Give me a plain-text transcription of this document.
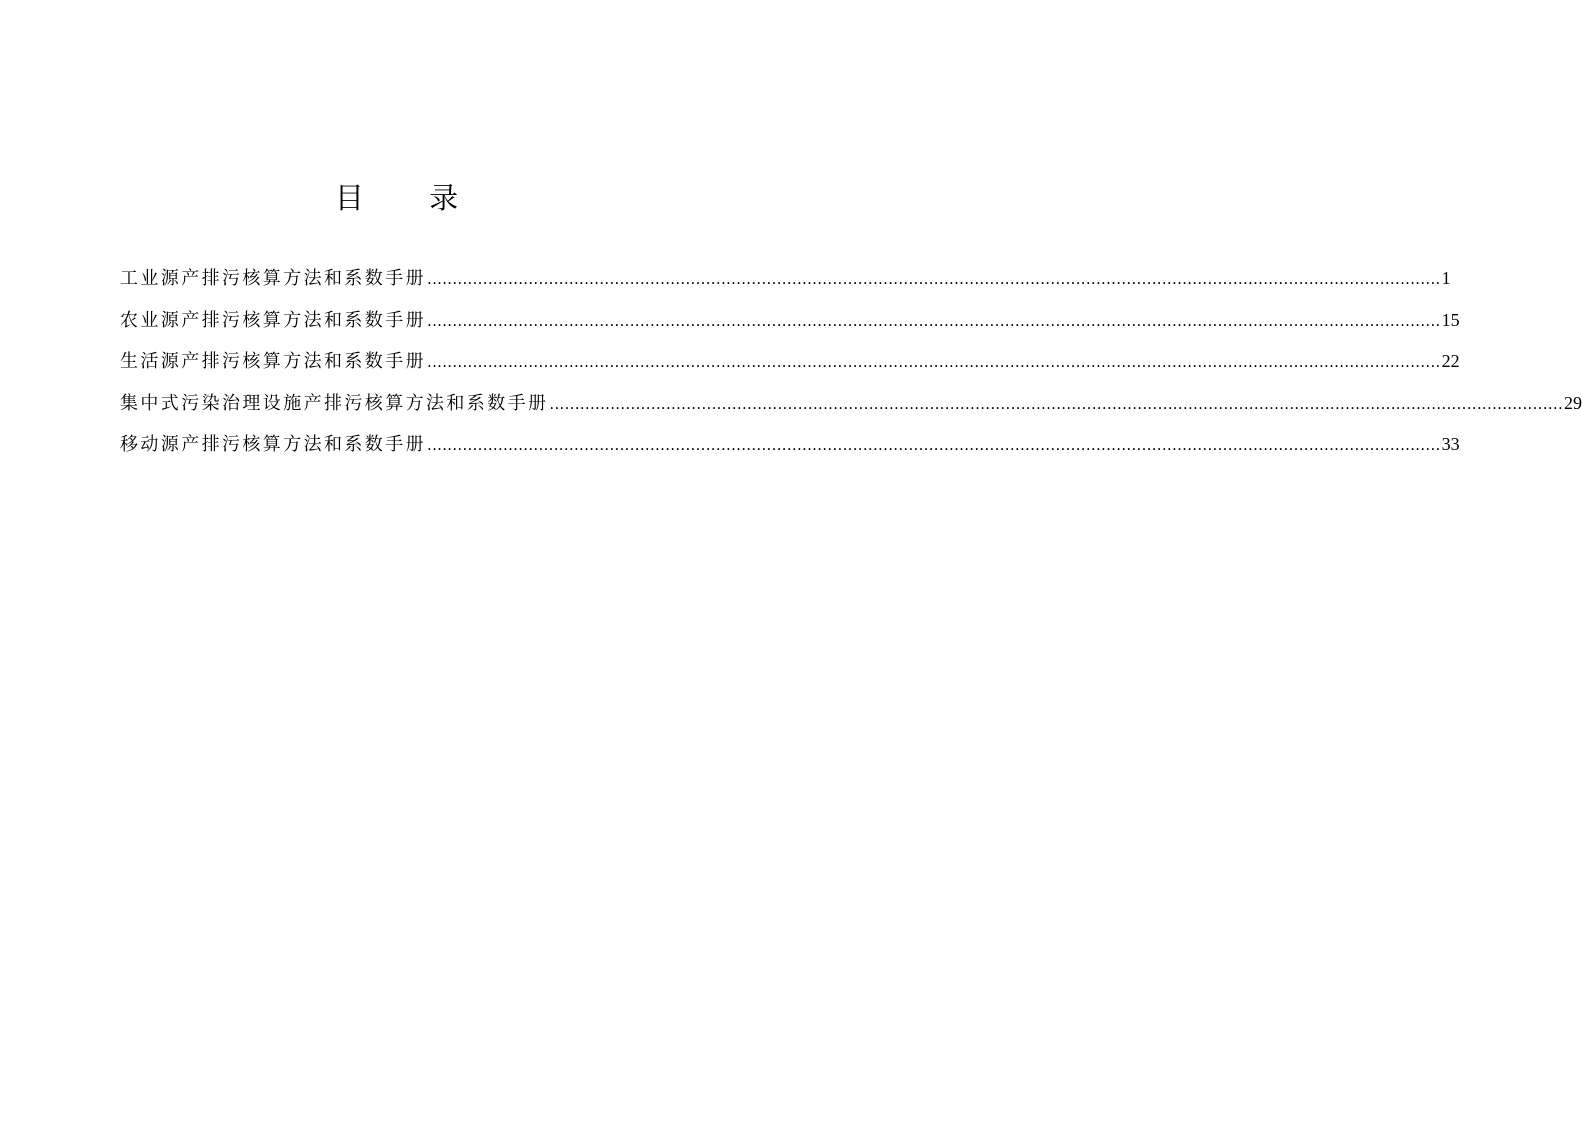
目 录
工业源产排污核算方法和系数手册 ........................................................................................................................................................................................................ 1
农业源产排污核算方法和系数手册 ........................................................................................................................................................................................................ 15
生活源产排污核算方法和系数手册 ........................................................................................................................................................................................................ 22
集中式污染治理设施产排污核算方法和系数手册 ........................................................................................................................................................................................................ 29
移动源产排污核算方法和系数手册 ........................................................................................................................................................................................................ 33
